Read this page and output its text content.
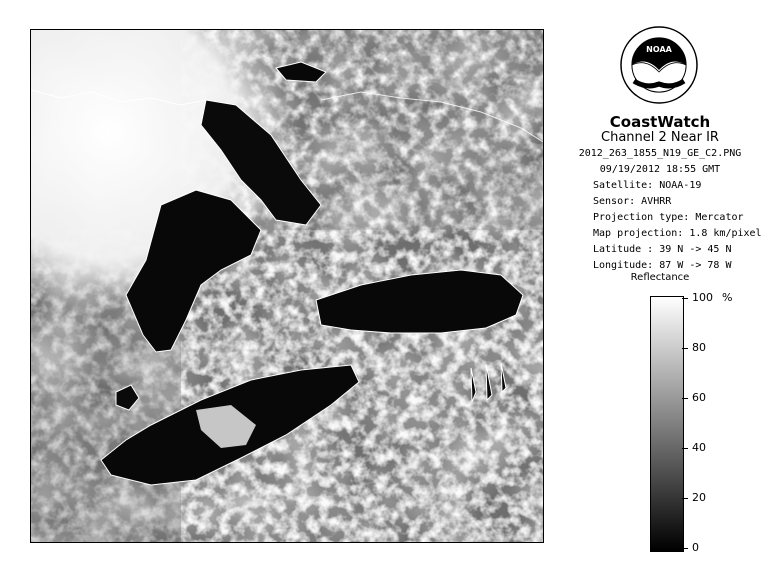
NOAA
CoastWatch
Channel 2 Near IR
2012_263_1855_N19_GE_C2.PNG
09/19/2012 18:55 GMT
Satellite: NOAA-19
Sensor: AVHRR
Projection type: Mercator
Map projection: 1.8 km/pixel
Latitude : 39 N -> 45 N
Longitude: 87 W -> 78 W
Reflectance
%
100
80
60
40
20
0
